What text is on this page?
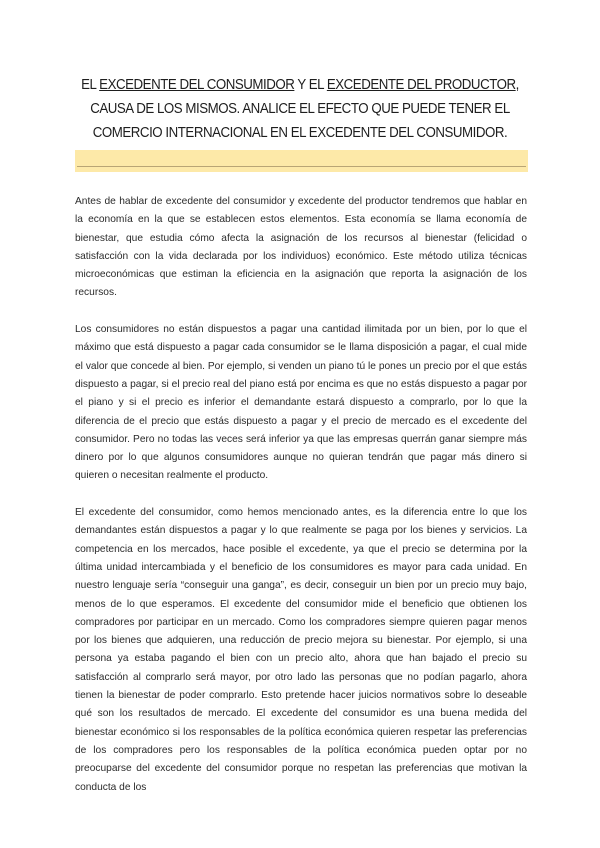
EL EXCEDENTE DEL CONSUMIDOR Y EL EXCEDENTE DEL PRODUCTOR, CAUSA DE LOS MISMOS. ANALICE EL EFECTO QUE PUEDE TENER EL COMERCIO INTERNACIONAL EN EL EXCEDENTE DEL CONSUMIDOR.

Antes de hablar de excedente del consumidor y excedente del productor tendremos que hablar en la economía en la que se establecen estos elementos. Esta economía se llama economía de bienestar, que estudia cómo afecta la asignación de los recursos al bienestar (felicidad o satisfacción con la vida declarada por los individuos) económico. Este método utiliza técnicas microeconómicas que estiman la eficiencia en la asignación que reporta la asignación de los recursos.

Los consumidores no están dispuestos a pagar una cantidad ilimitada por un bien, por lo que el máximo que está dispuesto a pagar cada consumidor se le llama disposición a pagar, el cual mide el valor que concede al bien. Por ejemplo, si venden un piano tú le pones un precio por el que estás dispuesto a pagar, si el precio real del piano está por encima es que no estás dispuesto a pagar por el piano y si el precio es inferior el demandante estará dispuesto a comprarlo, por lo que la diferencia de el precio que estás dispuesto a pagar y el precio de mercado es el excedente del consumidor. Pero no todas las veces será inferior ya que las empresas querrán ganar siempre más dinero por lo que algunos consumidores aunque no quieran tendrán que pagar más dinero si quieren o necesitan realmente el producto.

El excedente del consumidor, como hemos mencionado antes, es la diferencia entre lo que los demandantes están dispuestos a pagar y lo que realmente se paga por los bienes y servicios. La competencia en los mercados, hace posible el excedente, ya que el precio se determina por la última unidad intercambiada y el beneficio de los consumidores es mayor para cada unidad. En nuestro lenguaje sería “conseguir una ganga”, es decir, conseguir un bien por un precio muy bajo, menos de lo que esperamos. El excedente del consumidor mide el beneficio que obtienen los compradores por participar en un mercado. Como los compradores siempre quieren pagar menos por los bienes que adquieren, una reducción de precio mejora su bienestar. Por ejemplo, si una persona ya estaba pagando el bien con un precio alto, ahora que han bajado el precio su satisfacción al comprarlo será mayor, por otro lado las personas que no podían pagarlo, ahora tienen la bienestar de poder comprarlo. Esto pretende hacer juicios normativos sobre lo deseable qué son los resultados de mercado. El excedente del consumidor es una buena medida del bienestar económico si los responsables de la política económica quieren respetar las preferencias de los compradores pero los responsables de la política económica pueden optar por no preocuparse del excedente del consumidor porque no respetan las preferencias que motivan la conducta de los
